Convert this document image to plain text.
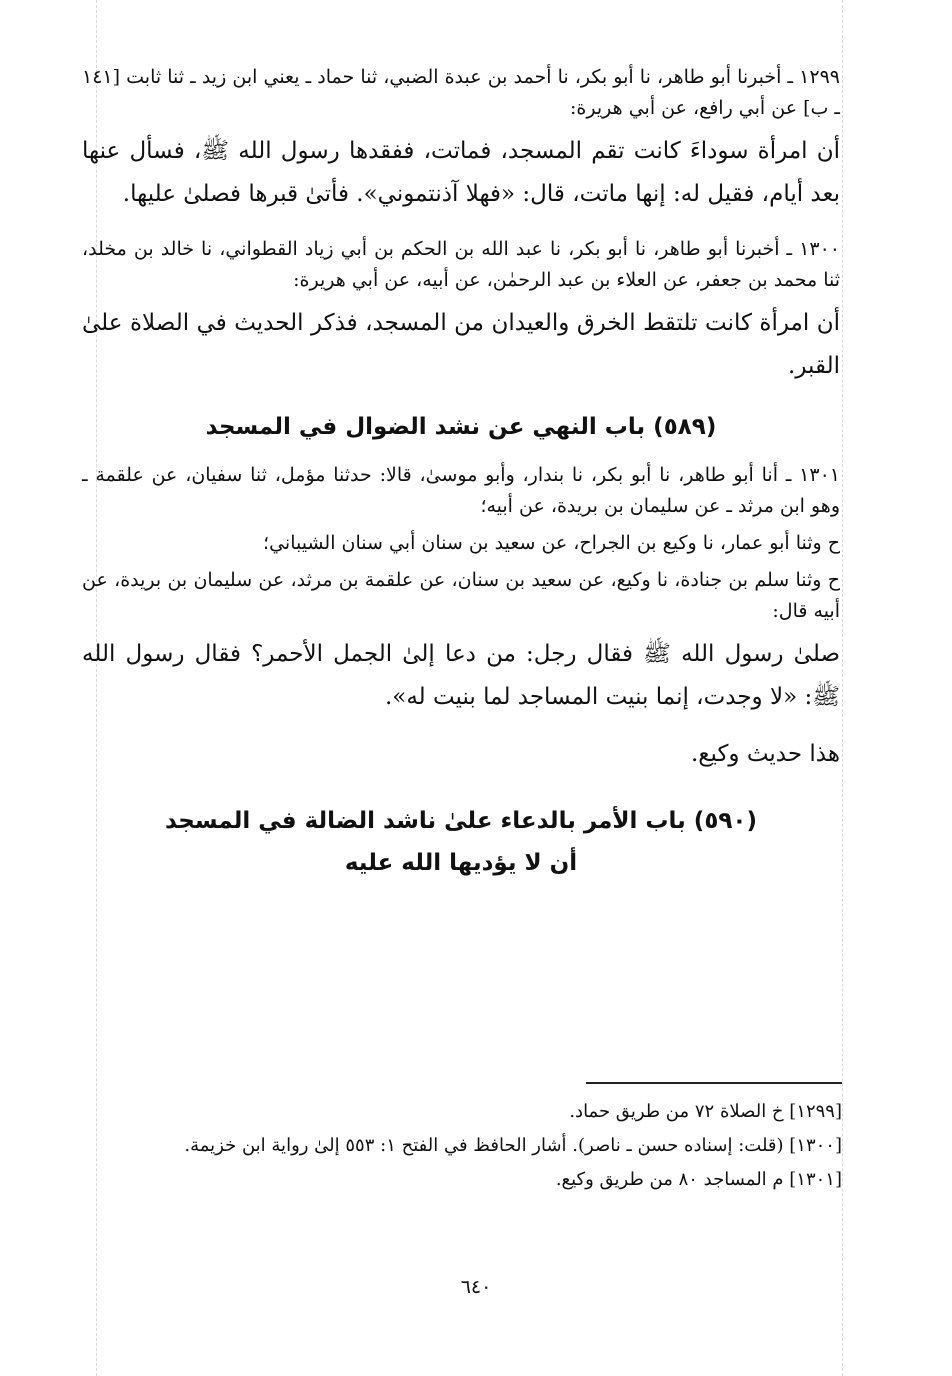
١٢٩٩ ـ أخبرنا أبو طاهر، نا أبو بكر، نا أحمد بن عبدة الضبي، ثنا حماد ـ يعني ابن زيد ـ ثنا ثابت [١٤١ ـ ب] عن أبي رافع، عن أبي هريرة:

أن امرأة سوداءَ كانت تقم المسجد، فماتت، ففقدها رسول الله ﷺ، فسأل عنها بعد أيام، فقيل له: إنها ماتت، قال: «فهلا آذنتموني». فأتىٰ قبرها فصلىٰ عليها.

١٣٠٠ ـ أخبرنا أبو طاهر، نا أبو بكر، نا عبد الله بن الحكم بن أبي زياد القطواني، نا خالد بن مخلد، ثنا محمد بن جعفر، عن العلاء بن عبد الرحمٰن، عن أبيه، عن أبي هريرة:

أن امرأة كانت تلتقط الخرق والعيدان من المسجد، فذكر الحديث في الصلاة علىٰ القبر.

(٥٨٩) باب النهي عن نشد الضوال في المسجد

١٣٠١ ـ أنا أبو طاهر، نا أبو بكر، نا بندار، وأبو موسىٰ، قالا: حدثنا مؤمل، ثنا سفيان، عن علقمة ـ وهو ابن مرثد ـ عن سليمان بن بريدة، عن أبيه؛

ح وثنا أبو عمار، نا وكيع بن الجراح، عن سعيد بن سنان أبي سنان الشيباني؛

ح وثنا سلم بن جنادة، نا وكيع، عن سعيد بن سنان، عن علقمة بن مرثد، عن سليمان بن بريدة، عن أبيه قال:

صلىٰ رسول الله ﷺ فقال رجل: من دعا إلىٰ الجمل الأحمر؟ فقال رسول الله ﷺ: «لا وجدت، إنما بنيت المساجد لما بنيت له».

هذا حديث وكيع.

(٥٩٠) باب الأمر بالدعاء علىٰ ناشد الضالة في المسجد
أن لا يؤديها الله عليه

[١٢٩٩] خ الصلاة ٧٢ من طريق حماد.

[١٣٠٠] (قلت: إسناده حسن ـ ناصر). أشار الحافظ في الفتح ١: ٥٥٣ إلىٰ رواية ابن خزيمة.

[١٣٠١] م المساجد ٨٠ من طريق وكيع.

٦٤٠
